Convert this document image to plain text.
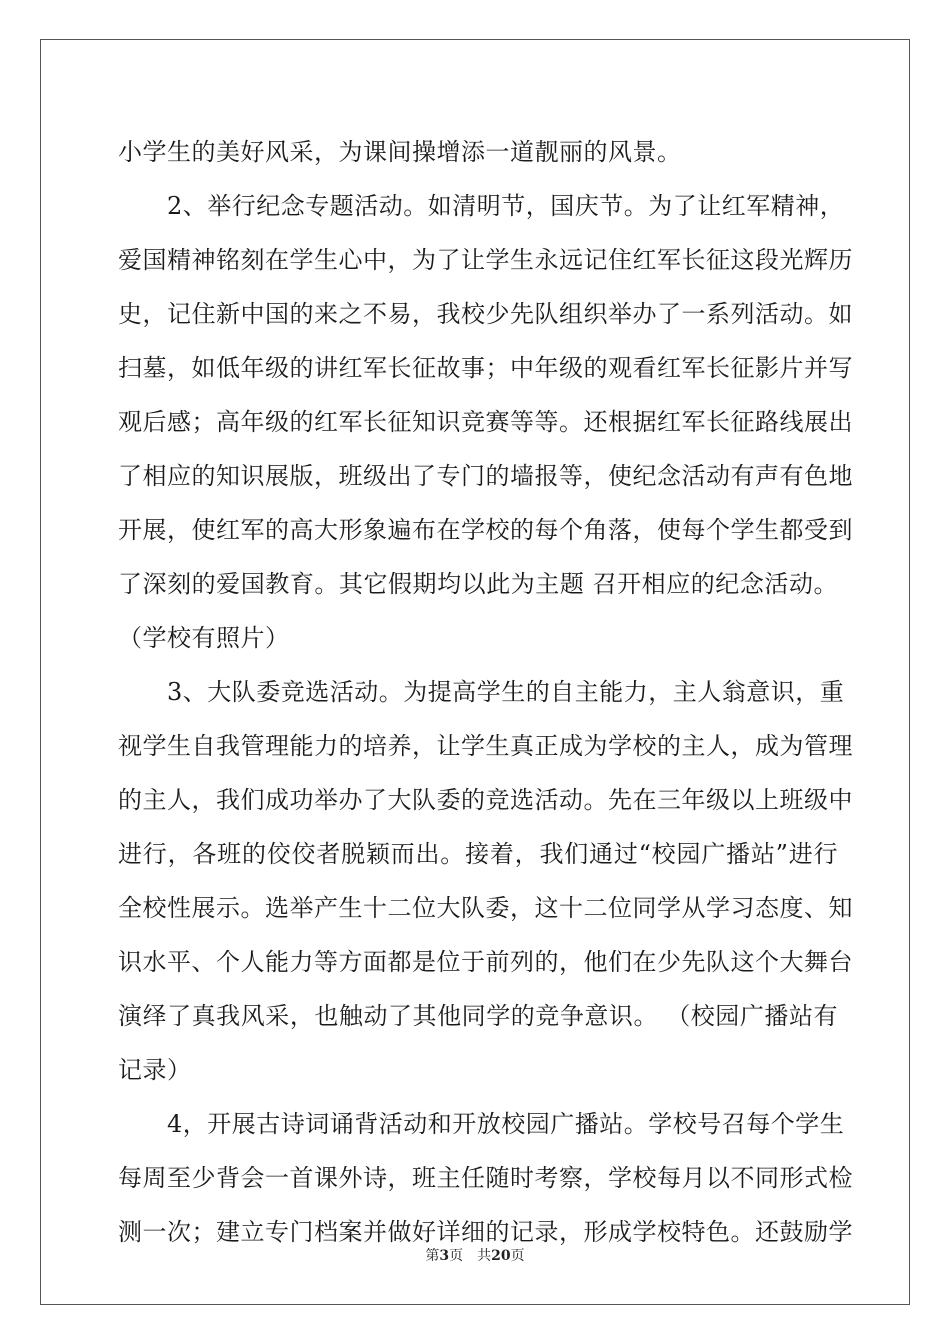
小学生的美好风采，为课间操增添一道靓丽的风景。
　　2、举行纪念专题活动。如清明节，国庆节。为了让红军精神，
爱国精神铭刻在学生心中，为了让学生永远记住红军长征这段光辉历
史，记住新中国的来之不易，我校少先队组织举办了一系列活动。如
扫墓，如低年级的讲红军长征故事；中年级的观看红军长征影片并写
观后感；高年级的红军长征知识竞赛等等。还根据红军长征路线展出
了相应的知识展版，班级出了专门的墙报等，使纪念活动有声有色地
开展，使红军的高大形象遍布在学校的每个角落，使每个学生都受到
了深刻的爱国教育。其它假期均以此为主题 召开相应的纪念活动。
（学校有照片）
　　3、大队委竞选活动。为提高学生的自主能力，主人翁意识，重
视学生自我管理能力的培养，让学生真正成为学校的主人，成为管理
的主人，我们成功举办了大队委的竞选活动。先在三年级以上班级中
进行，各班的佼佼者脱颖而出。接着，我们通过“校园广播站”进行
全校性展示。选举产生十二位大队委，这十二位同学从学习态度、知
识水平、个人能力等方面都是位于前列的，他们在少先队这个大舞台
演绎了真我风采，也触动了其他同学的竞争意识。 （校园广播站有
记录）
　　4，开展古诗词诵背活动和开放校园广播站。学校号召每个学生
每周至少背会一首课外诗，班主任随时考察，学校每月以不同形式检
测一次；建立专门档案并做好详细的记录，形成学校特色。还鼓励学
第3页　共20页
